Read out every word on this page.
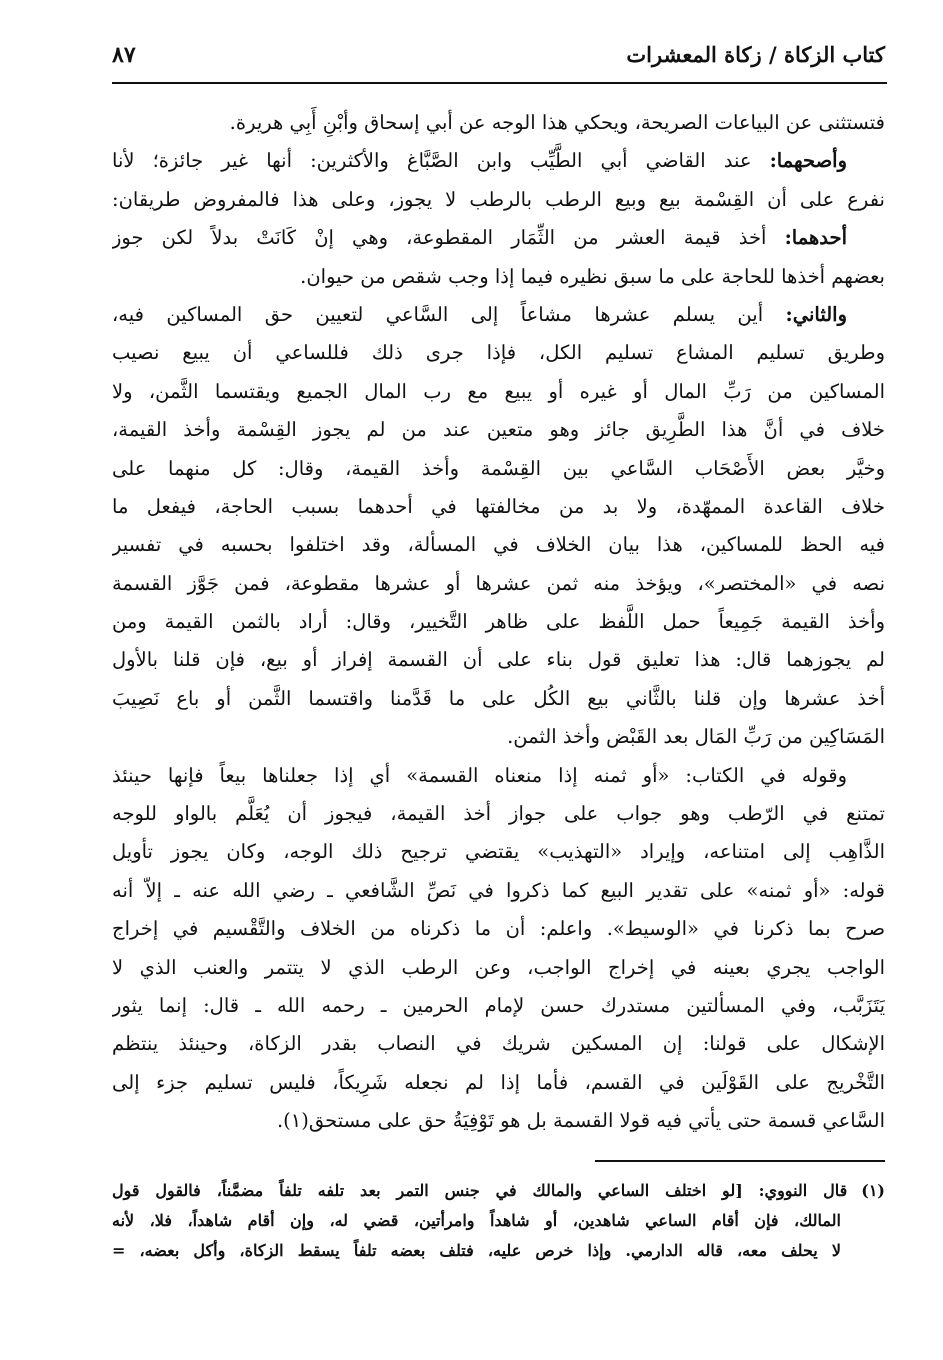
كتاب الزكاة / زكاة المعشرات
٨٧
فتستثنى عن البياعات الصريحة، ويحكي هذا الوجه عن أبي إسحاق وأبْنِ أَبِي هريرة.
وأصحهما: عند القاضي أبي الطَّيِّب وابن الصَّبَّاغ والأكثرين: أنها غير جائزة؛ لأنا
نفرع على أن القِسْمة بيع وبيع الرطب بالرطب لا يجوز، وعلى هذا فالمفروض طريقان:
أحدهما: أخذ قيمة العشر من الثِّمَار المقطوعة، وهي إنْ كَانَتْ بدلاً لكن جوز
بعضهم أخذها للحاجة على ما سبق نظيره فيما إذا وجب شقص من حيوان.
والثاني: أين يسلم عشرها مشاعاً إلى السَّاعي لتعيين حق المساكين فيه،
وطريق تسليم المشاع تسليم الكل، فإذا جرى ذلك فللساعي أن يبيع نصيب
المساكين من رَبِّ المال أو غيره أو يبيع مع رب المال الجميع ويقتسما الثَّمن، ولا
خلاف في أنَّ هذا الطَّرِيق جائز وهو متعين عند من لم يجوز القِسْمة وأخذ القيمة،
وخيَّر بعض الأَصْحَاب السَّاعي بين القِسْمة وأخذ القيمة، وقال: كل منهما على
خلاف القاعدة الممهّدة، ولا بد من مخالفتها في أحدهما بسبب الحاجة، فيفعل ما
فيه الحظ للمساكين، هذا بيان الخلاف في المسألة، وقد اختلفوا بحسبه في تفسير
نصه في «المختصر»، ويؤخذ منه ثمن عشرها أو عشرها مقطوعة، فمن جَوَّز القسمة
وأخذ القيمة جَمِيعاً حمل اللَّفظ على ظاهر التَّخيير، وقال: أراد بالثمن القيمة ومن
لم يجوزهما قال: هذا تعليق قول بناء على أن القسمة إفراز أو بيع، فإن قلنا بالأول
أخذ عشرها وإن قلنا بالثَّاني بيع الكُل على ما قَدَّمنا واقتسما الثَّمن أو باع نَصِيبَ
المَسَاكِين من رَبِّ المَال بعد القَبْض وأخذ الثمن.
وقوله في الكتاب: «أو ثمنه إذا منعناه القسمة» أي إذا جعلناها بيعاً فإنها حينئذ
تمتنع في الرّطب وهو جواب على جواز أخذ القيمة، فيجوز أن يُعَلَّم بالواو للوجه
الذَّاهِب إلى امتناعه، وإيراد «التهذيب» يقتضي ترجيح ذلك الوجه، وكان يجوز تأويل
قوله: «أو ثمنه» على تقدير البيع كما ذكروا في نَصِّ الشَّافعي ـ رضي الله عنه ـ إلاّ أنه
صرح بما ذكرنا في «الوسيط». واعلم: أن ما ذكرناه من الخلاف والتَّقْسيم في إخراج
الواجب يجري بعينه في إخراج الواجب، وعن الرطب الذي لا يتتمر والعنب الذي لا
يَتَزَبَّب، وفي المسألتين مستدرك حسن لإمام الحرمين ـ رحمه الله ـ قال: إنما يثور
الإشكال على قولنا: إن المسكين شريك في النصاب بقدر الزكاة، وحينئذ ينتظم
التَّخْريج على القَوْلَين في القسم، فأما إذا لم نجعله شَرِيكاً، فليس تسليم جزء إلى
السَّاعي قسمة حتى يأتي فيه قولا القسمة بل هو تَوْفِيَةُ حق على مستحق(١).
(١)قال النووي: [لو اختلف الساعي والمالك في جنس التمر بعد تلفه تلفاً مضمَّناً، فالقول قول
المالك، فإن أقام الساعي شاهدين، أو شاهداً وامرأتين، قضي له، وإن أقام شاهداً، فلا، لأنه
لا يحلف معه، قاله الدارمي. وإذا خرص عليه، فتلف بعضه تلفاً يسقط الزكاة، وأكل بعضه، =
